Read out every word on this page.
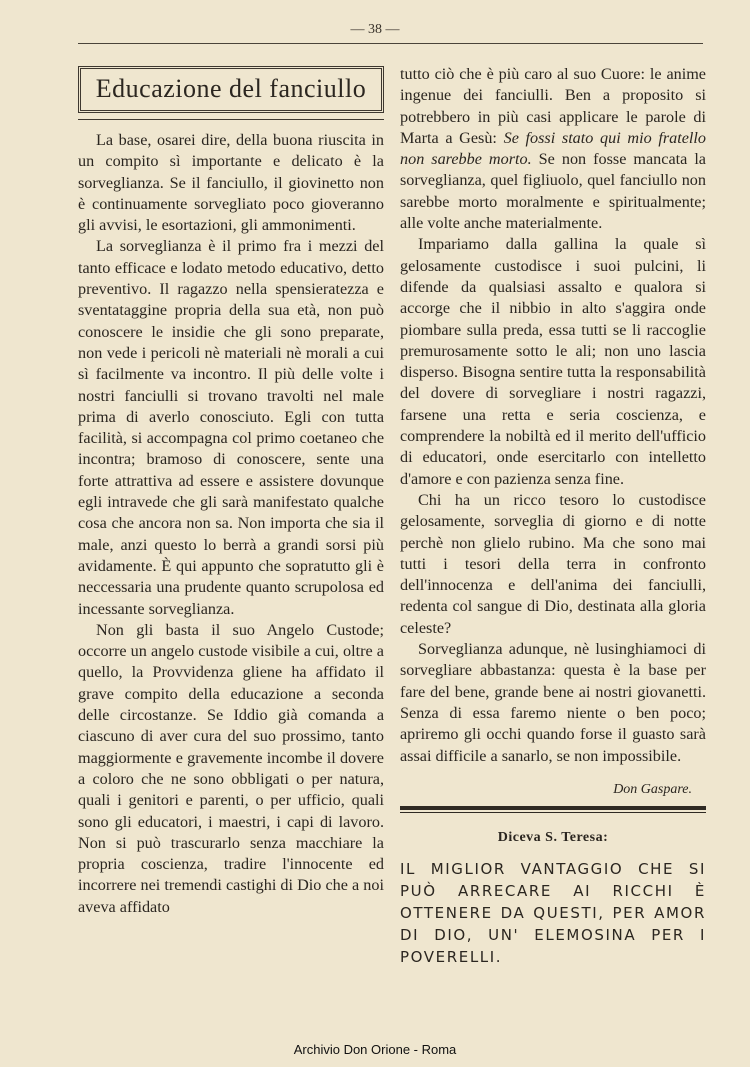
— 38 —
Educazione del fanciullo

La base, osarei dire, della buona riuscita in un compito sì importante e delicato è la sorveglianza. Se il fanciullo, il giovinetto non è continuamente sorvegliato poco gioveranno gli avvisi, le esortazioni, gli ammonimenti.

La sorveglianza è il primo fra i mezzi del tanto efficace e lodato metodo educativo, detto preventivo. Il ragazzo nella spensieratezza e sventataggine propria della sua età, non può conoscere le insidie che gli sono preparate, non vede i pericoli nè materiali nè morali a cui sì facilmente va incontro. Il più delle volte i nostri fanciulli si trovano travolti nel male prima di averlo conosciuto. Egli con tutta facilità, si accompagna col primo coetaneo che incontra; bramoso di conoscere, sente una forte attrattiva ad essere e assistere dovunque egli intravede che gli sarà manifestato qualche cosa che ancora non sa. Non importa che sia il male, anzi questo lo berrà a grandi sorsi più avidamente. È qui appunto che sopratutto gli è neccessaria una prudente quanto scrupolosa ed incessante sorveglianza.

Non gli basta il suo Angelo Custode; occorre un angelo custode visibile a cui, oltre a quello, la Provvidenza gliene ha affidato il grave compito della educazione a seconda delle circostanze. Se Iddio già comanda a ciascuno di aver cura del suo prossimo, tanto maggiormente e gravemente incombe il dovere a coloro che ne sono obbligati o per natura, quali i genitori e parenti, o per ufficio, quali sono gli educatori, i maestri, i capi di lavoro. Non si può trascurarlo senza macchiare la propria coscienza, tradire l'innocente ed incorrere nei tremendi castighi di Dio che a noi aveva affidato

tutto ciò che è più caro al suo Cuore: le anime ingenue dei fanciulli. Ben a proposito si potrebbero in più casi applicare le parole di Marta a Gesù: Se fossi stato qui mio fratello non sarebbe morto. Se non fosse mancata la sorveglianza, quel figliuolo, quel fanciullo non sarebbe morto moralmente e spiritualmente; alle volte anche materialmente.

Impariamo dalla gallina la quale sì gelosamente custodisce i suoi pulcini, li difende da qualsiasi assalto e qualora si accorge che il nibbio in alto s'aggira onde piombare sulla preda, essa tutti se li raccoglie premurosamente sotto le ali; non uno lascia disperso. Bisogna sentire tutta la responsabilità del dovere di sorvegliare i nostri ragazzi, farsene una retta e seria coscienza, e comprendere la nobiltà ed il merito dell'ufficio di educatori, onde esercitarlo con intelletto d'amore e con pazienza senza fine.

Chi ha un ricco tesoro lo custodisce gelosamente, sorveglia di giorno e di notte perchè non glielo rubino. Ma che sono mai tutti i tesori della terra in confronto dell'innocenza e dell'anima dei fanciulli, redenta col sangue di Dio, destinata alla gloria celeste?

Sorveglianza adunque, nè lusinghiamoci di sorvegliare abbastanza: questa è la base per fare del bene, grande bene ai nostri giovanetti. Senza di essa faremo niente o ben poco; apriremo gli occhi quando forse il guasto sarà assai difficile a sanarlo, se non impossibile.

Don Gaspare.
Diceva S. Teresa:
IL MIGLIOR VANTAGGIO CHE SI PUÒ ARRECARE AI RICCHI È OTTENERE DA QUESTI, PER AMOR DI DIO, UN' ELEMOSINA PER I POVERELLI.
Archivio Don Orione - Roma
